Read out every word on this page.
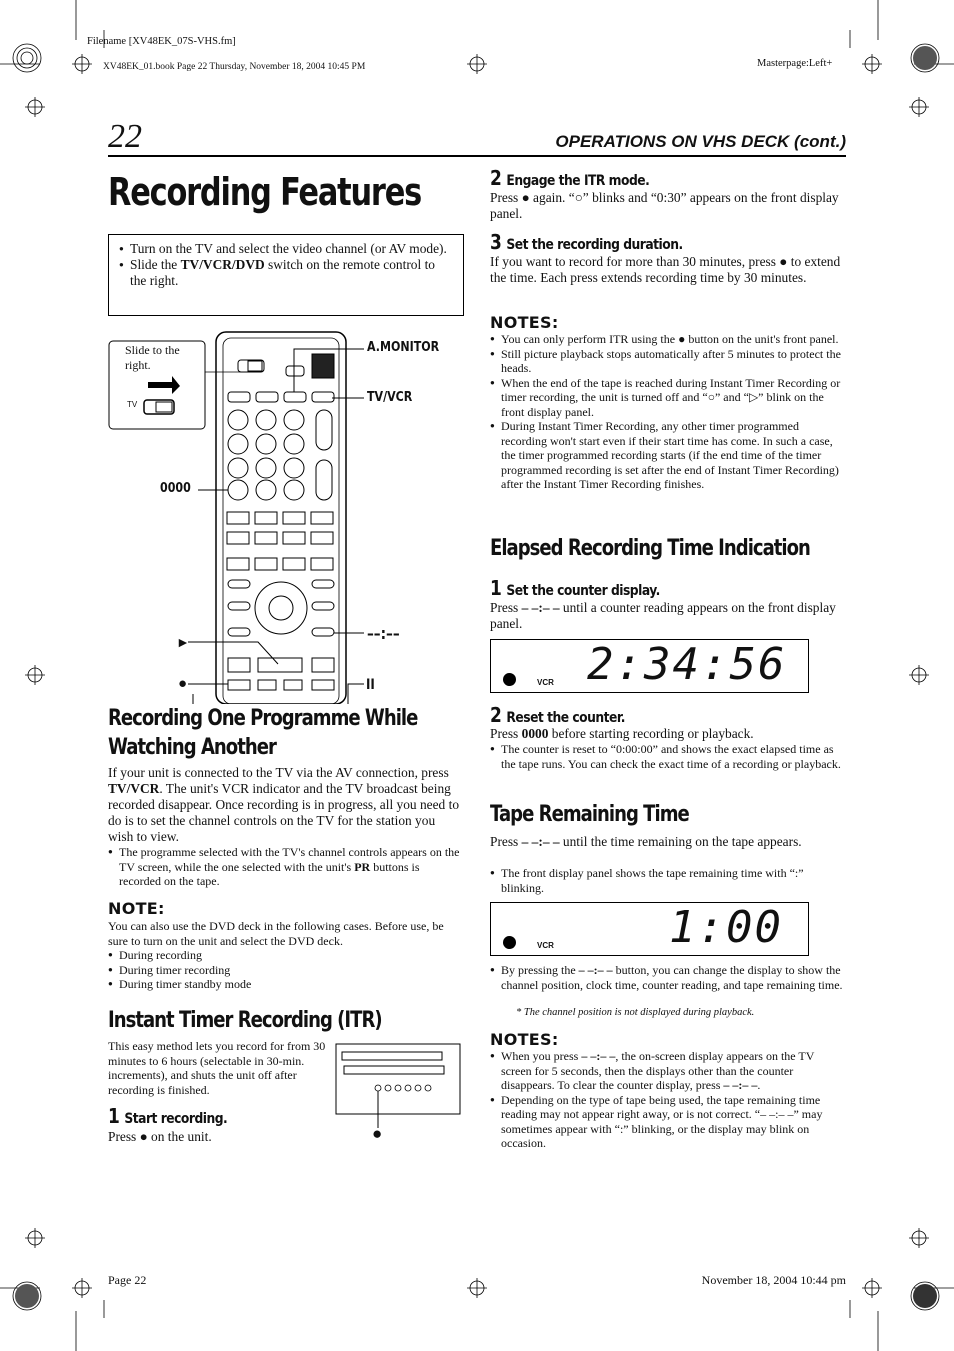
Filename [XV48EK_07S-VHS.fm]
XV48EK_01.book Page 22 Thursday, November 18, 2004 10:45 PM	Masterpage:Left+
22	OPERATIONS ON VHS DECK (cont.)
Recording Features
● Turn on the TV and select the video channel (or AV mode).
● Slide the TV/VCR/DVD switch on the remote control to the right.
Slide to the right.
TV
A.MONITOR
TV/VCR
0000
––:––
►
●	II
Recording One Programme While
Watching Another

If your unit is connected to the TV via the AV connection, press TV/VCR. The unit's VCR indicator and the TV broadcast being recorded disappear. Once recording is in progress, all you need to do is to set the channel controls on the TV for the station you wish to view.

● The programme selected with the TV's channel controls appears on the TV screen, while the one selected with the unit's PR buttons is recorded on the tape.
NOTE:

You can also use the DVD deck in the following cases. Before use, be sure to turn on the unit and select the DVD deck.

● During recording
● During timer recording
● During timer standby mode
Instant Timer Recording (ITR)
This easy method lets you record for from 30 minutes to 6 hours (selectable in 30-min. increments), and shuts the unit off after recording is finished.
●
1 Start recording.
Press ● on the unit.
2 Engage the ITR mode.
Press ● again. “○” blinks and “0:30” appears on the front display panel.
3 Set the recording duration.
If you want to record for more than 30 minutes, press ● to extend the time. Each press extends recording time by 30 minutes.
NOTES:
● You can only perform ITR using the ● button on the unit's front panel.
● Still picture playback stops automatically after 5 minutes to protect the heads.
● When the end of the tape is reached during Instant Timer Recording or timer recording, the unit is turned off and “○” and “▷” blink on the front display panel.
● During Instant Timer Recording, any other timer programmed recording won't start even if their start time has come. In such a case, the timer programmed recording starts (if the end time of the timer programmed recording is set after the end of Instant Timer Recording) after the Instant Timer Recording finishes.
Elapsed Recording Time Indication
1 Set the counter display.
Press – –:– – until a counter reading appears on the front display panel.
VCR 2:34:56
2 Reset the counter.
Press 0000 before starting recording or playback.
● The counter is reset to “0:00:00” and shows the exact elapsed time as the tape runs. You can check the exact time of a recording or playback.
Tape Remaining Time
Press – –:– – until the time remaining on the tape appears.
● The front display panel shows the tape remaining time with “:” blinking.
VCR	1:00
● By pressing the – –:– – button, you can change the display to show the channel position, clock time, counter reading, and tape remaining time.
* The channel position is not displayed during playback.
NOTES:
● When you press – –:– –, the on-screen display appears on the TV screen for 5 seconds, then the displays other than the counter disappears. To clear the counter display, press – –:– –.
● Depending on the type of tape being used, the tape remaining time reading may not appear right away, or is not correct. “– –:– –” may sometimes appear with “:” blinking, or the display may blink on occasion.
Page 22	November 18, 2004 10:44 pm
